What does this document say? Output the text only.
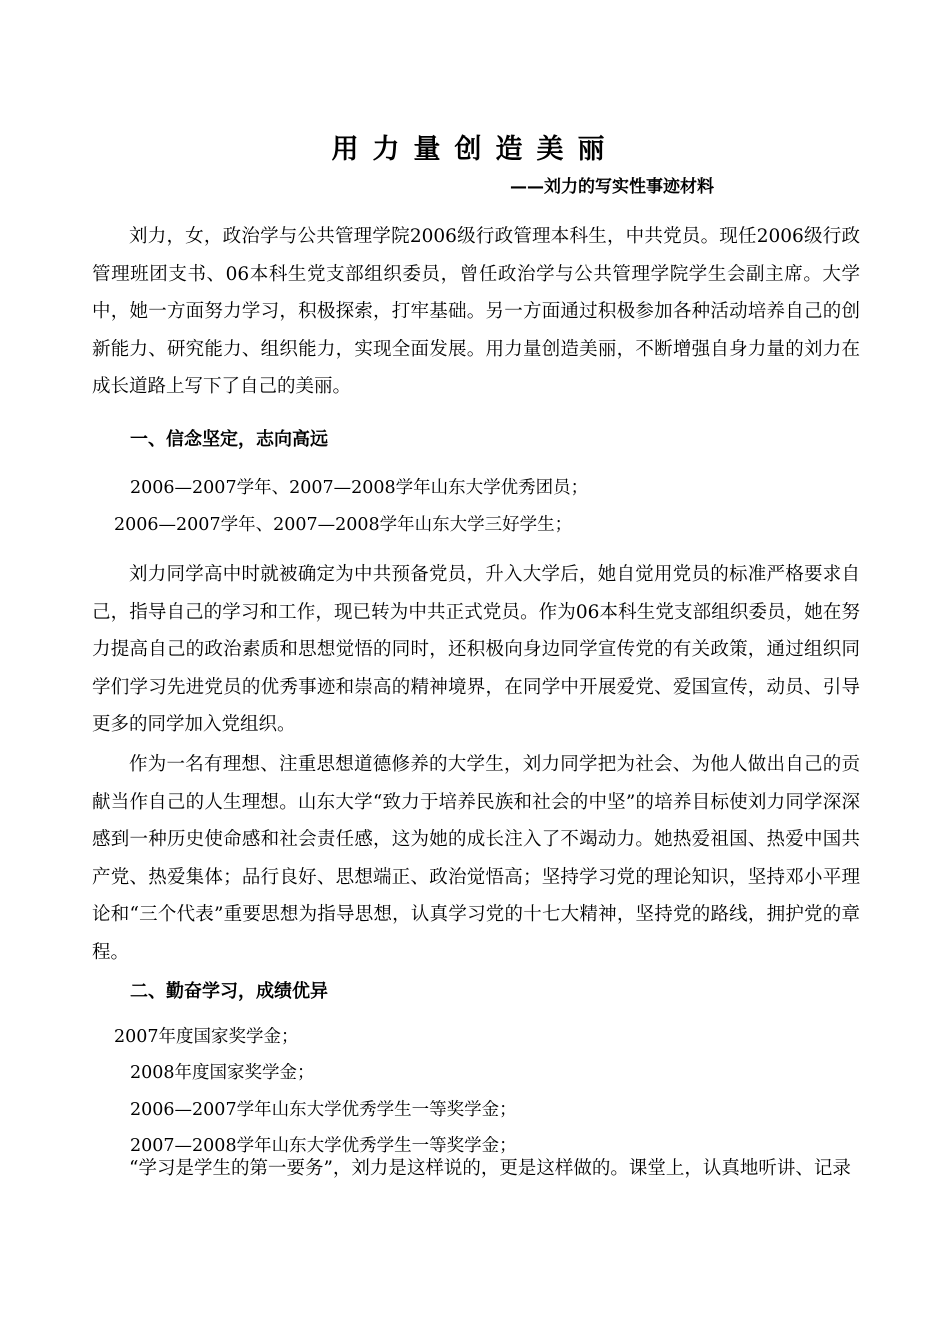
用力量创造美丽
——刘力的写实性事迹材料

刘力，女，政治学与公共管理学院2006级行政管理本科生，中共党员。现任2006级行政管理班团支书、06本科生党支部组织委员，曾任政治学与公共管理学院学生会副主席。大学中，她一方面努力学习，积极探索，打牢基础。另一方面通过积极参加各种活动培养自己的创新能力、研究能力、组织能力，实现全面发展。用力量创造美丽，不断增强自身力量的刘力在成长道路上写下了自己的美丽。

一、信念坚定，志向高远
2006—2007学年、2007—2008学年山东大学优秀团员；
2006—2007学年、2007—2008学年山东大学三好学生；

刘力同学高中时就被确定为中共预备党员，升入大学后，她自觉用党员的标准严格要求自己，指导自己的学习和工作，现已转为中共正式党员。作为06本科生党支部组织委员，她在努力提高自己的政治素质和思想觉悟的同时，还积极向身边同学宣传党的有关政策，通过组织同学们学习先进党员的优秀事迹和崇高的精神境界，在同学中开展爱党、爱国宣传，动员、引导更多的同学加入党组织。

作为一名有理想、注重思想道德修养的大学生，刘力同学把为社会、为他人做出自己的贡献当作自己的人生理想。山东大学“致力于培养民族和社会的中坚”的培养目标使刘力同学深深感到一种历史使命感和社会责任感，这为她的成长注入了不竭动力。她热爱祖国、热爱中国共产党、热爱集体；品行良好、思想端正、政治觉悟高；坚持学习党的理论知识，坚持邓小平理论和“三个代表”重要思想为指导思想，认真学习党的十七大精神，坚持党的路线，拥护党的章程。

二、勤奋学习，成绩优异
2007年度国家奖学金；
2008年度国家奖学金；
2006—2007学年山东大学优秀学生一等奖学金；
2007—2008学年山东大学优秀学生一等奖学金；

“学习是学生的第一要务”，刘力是这样说的，更是这样做的。课堂上，认真地听讲、记录
